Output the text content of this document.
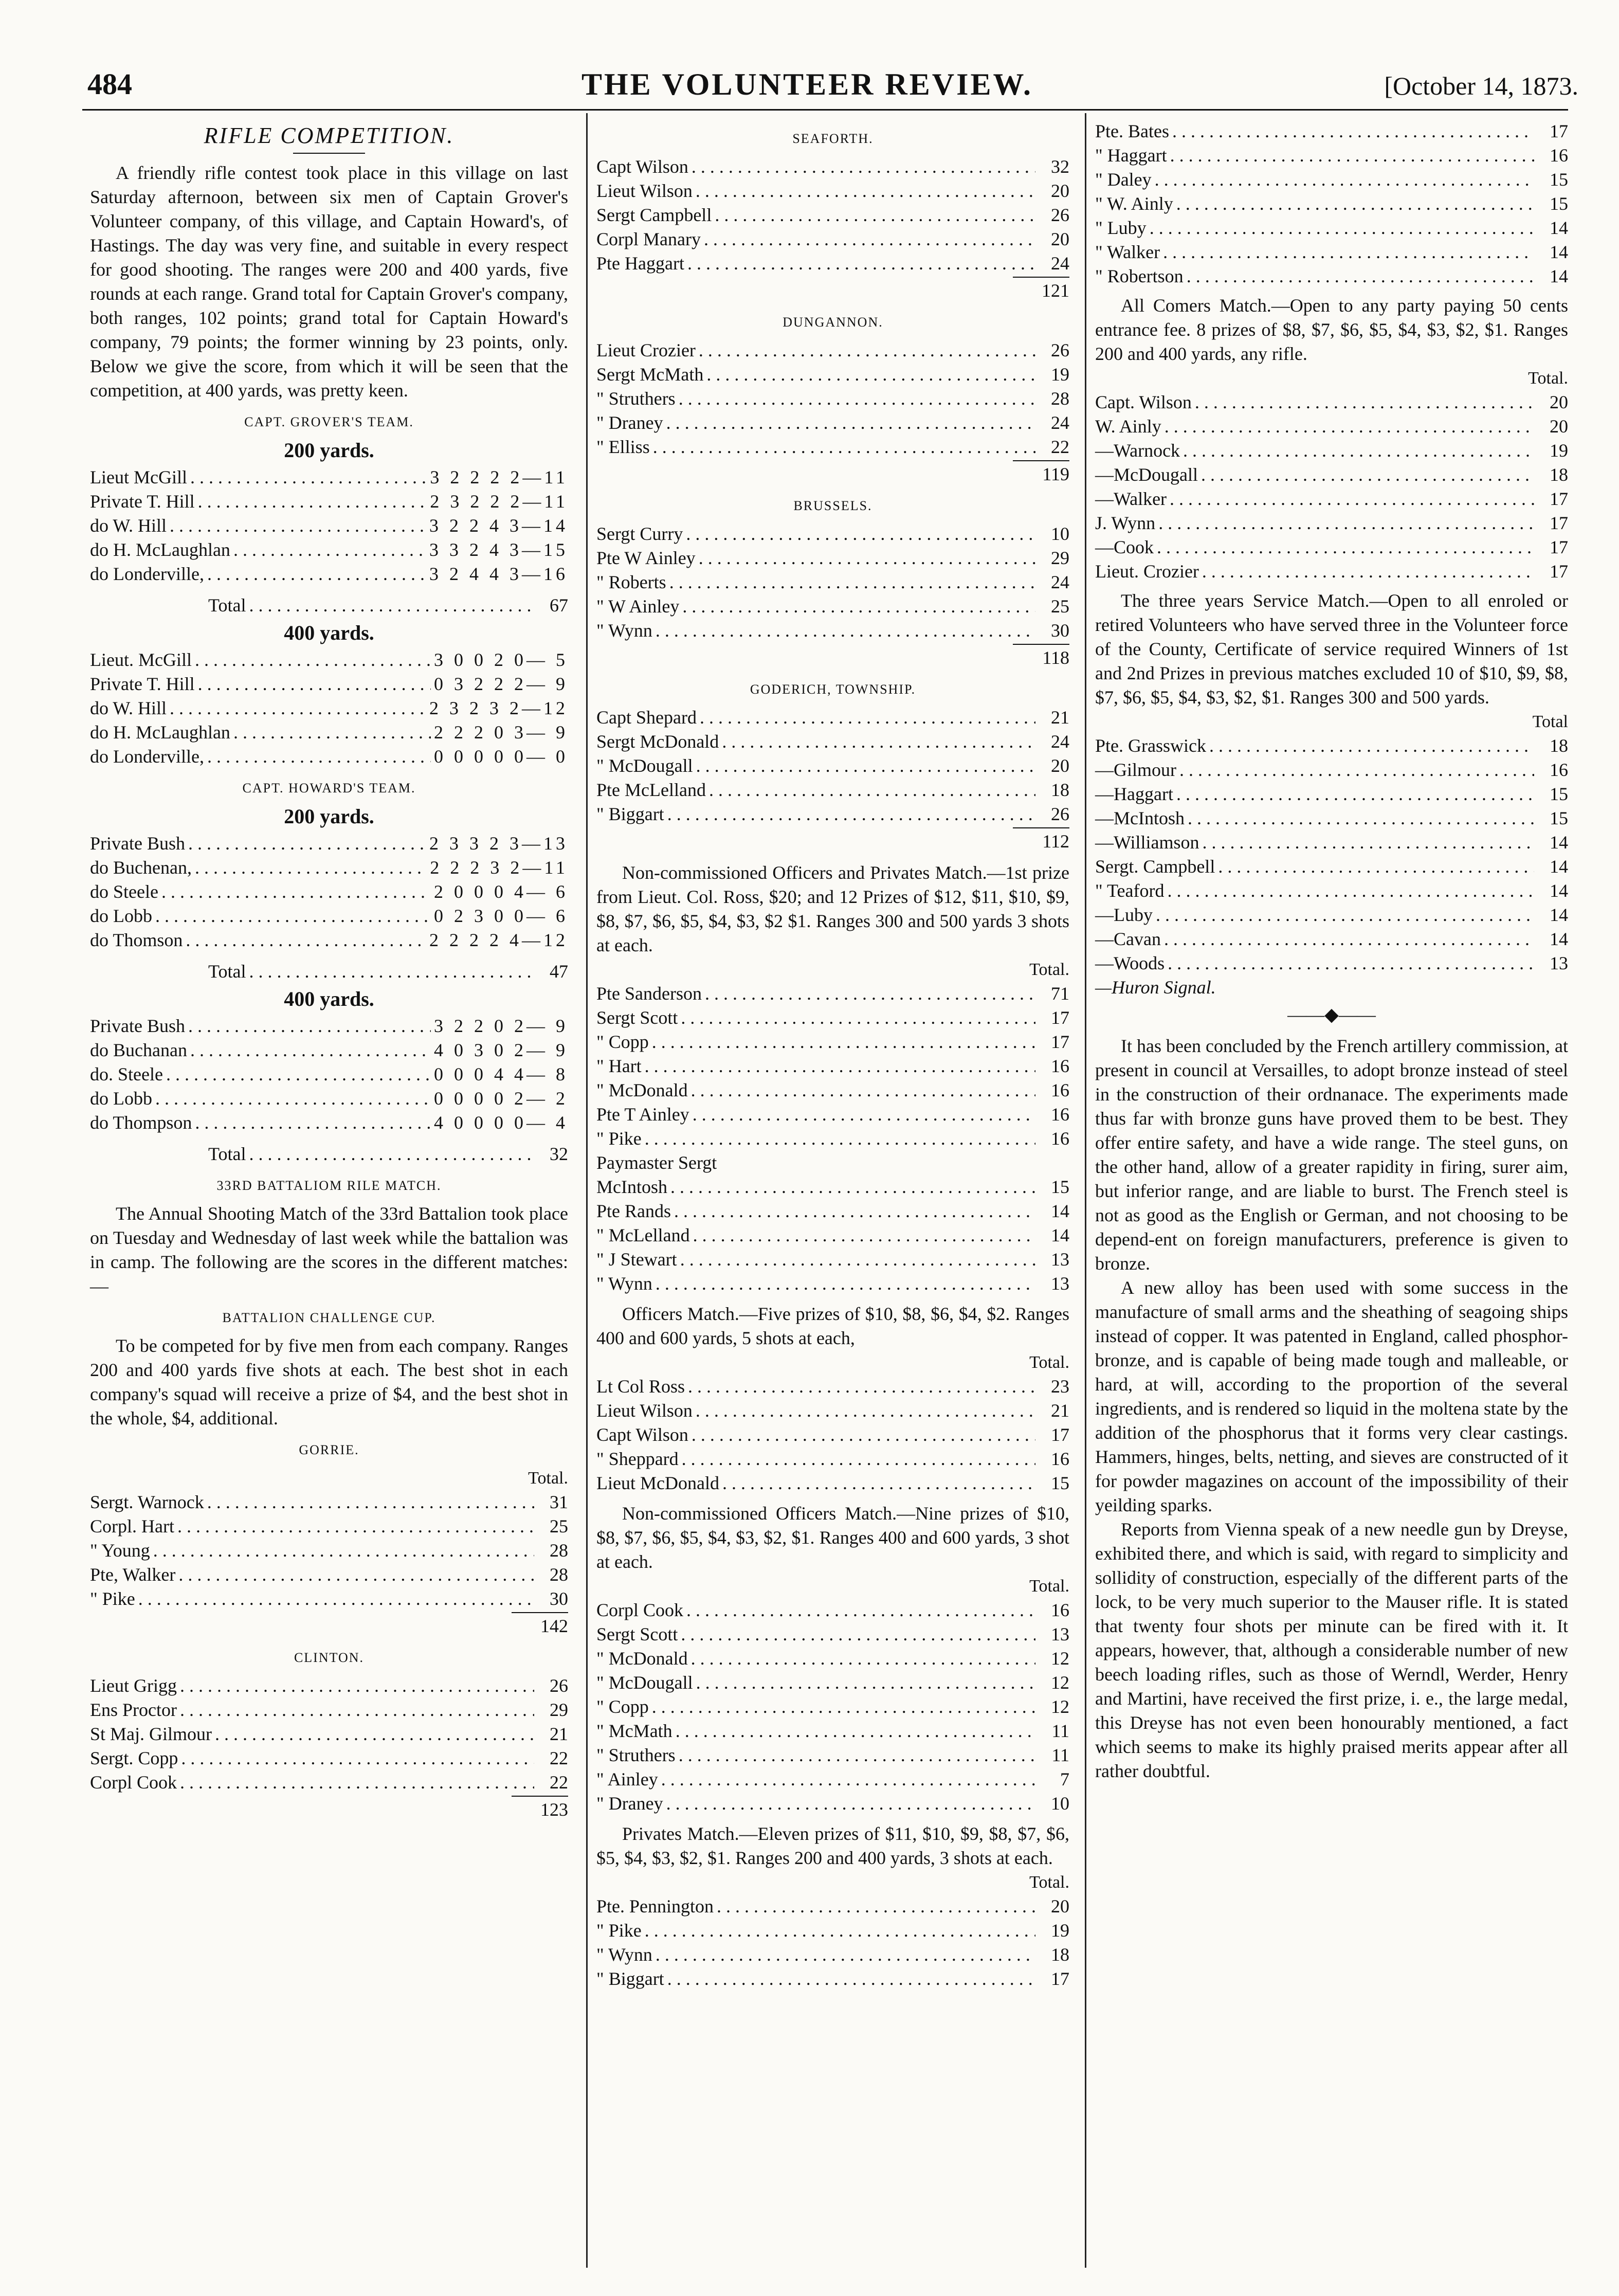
484	THE VOLUNTEER REVIEW.	[October 14, 1873.
RIFLE COMPETITION.

A friendly rifle contest took place in this village on last Saturday afternoon, between six men of Captain Grover's Volunteer company, of this village, and Captain Howard's, of Hastings. The day was very fine, and suitable in every respect for good shooting. The ranges were 200 and 400 yards, five rounds at each range. Grand total for Captain Grover's company, both ranges, 102 points; grand total for Captain Howard's company, 79 points; the former winning by 23 points, only. Below we give the score, from which it will be seen that the competition, at 400 yards, was pretty keen.

CAPT. GROVER'S TEAM.
200 yards.
Lieut McGill . . .	3 2 2 2 2—11
Private T. Hill . . .	2 3 2 2 2—11
do W. Hill . . .	3 2 2 4 3—14
do H. McLaughlan . . .	3 3 2 4 3—15
do Londerville, . . .	3 2 4 4 3—16
Total . . .	67
400 yards.
Lieut. McGill . . .	3 0 0 2 0— 5
Private T. Hill . . .	0 3 2 2 2— 9
do W. Hill . . .	2 3 2 3 2—12
do H. McLaughlan . . .	2 2 2 0 3— 9
do Londerville, . . .	0 0 0 0 0— 0
CAPT. HOWARD'S TEAM.
200 yards.
Private Bush . . .	2 3 3 2 3—13
do Buchenan, . . .	2 2 2 3 2—11
do Steele . . .	2 0 0 0 4— 6
do Lobb . . .	0 2 3 0 0— 6
do Thomson . . .	2 2 2 2 4—12
Total . . .	47
400 yards.
Private Bush . . .	3 2 2 0 2— 9
do Buchanan . . .	4 0 3 0 2— 9
do. Steele . . .	0 0 0 4 4— 8
do Lobb . . .	0 0 0 0 2— 2
do Thompson . . .	4 0 0 0 0— 4
Total . . .	32
33RD BATTALIOM RILE MATCH.

The Annual Shooting Match of the 33rd Battalion took place on Tuesday and Wednesday of last week while the battalion was in camp. The following are the scores in the different matches:—

BATTALION CHALLENGE CUP.

To be competed for by five men from each company. Ranges 200 and 400 yards five shots at each. The best shot in each company's squad will receive a prize of $4, and the best shot in the whole, $4, additional.

GORRIE.
Total.
Sergt. Warnock . . .	31
Corpl. Hart . . .	25
" Young . . .	28
Pte, Walker . . .	28
" Pike . . .	30
142
CLINTON.
Lieut Grigg . . .	26
Ens Proctor . . .	29
St Maj. Gilmour . . .	21
Sergt. Copp . . .	22
Corpl Cook . . .	22
123
SEAFORTH.
Capt Wilson . . .	32
Lieut Wilson . . .	20
Sergt Campbell . . .	26
Corpl Manary . . .	20
Pte Haggart . . .	24
121
DUNGANNON.
Lieut Crozier . . .	26
Sergt McMath . . .	19
" Struthers . . .	28
" Draney . . .	24
" Elliss . . .	22
119
BRUSSELS.
Sergt Curry . . .	10
Pte W Ainley . . .	29
" Roberts . . .	24
" W Ainley . . .	25
" Wynn . . .	30
118
GODERICH, TOWNSHIP.
Capt Shepard . . .	21
Sergt McDonald . . .	24
" McDougall . . .	20
Pte McLelland . . .	18
" Biggart . . .	26
112

Non-commissioned Officers and Privates Match.—1st prize from Lieut. Col. Ross, $20; and 12 Prizes of $12, $11, $10, $9, $8, $7, $6, $5, $4, $3, $2 $1. Ranges 300 and 500 yards 3 shots at each.

Total.
Pte Sanderson . . .	71
Sergt Scott . . .	17
" Copp . . .	17
" Hart . . .	16
" McDonald . . .	16
Pte T Ainley . . .	16
" Pike . . .	16
Paymaster Sergt
McIntosh . . .	15
Pte Rands . . .	14
" McLelland . . .	14
" J Stewart . . .	13
" Wynn . . .	13

Officers Match.—Five prizes of $10, $8, $6, $4, $2. Ranges 400 and 600 yards, 5 shots at each,

Total.
Lt Col Ross . . .	23
Lieut Wilson . . .	21
Capt Wilson . . .	17
" Sheppard . . .	16
Lieut McDonald . . .	15

Non-commissioned Officers Match.—Nine prizes of $10, $8, $7, $6, $5, $4, $3, $2, $1. Ranges 400 and 600 yards, 3 shot at each.

Total.
Corpl Cook . . .	16
Sergt Scott . . .	13
" McDonald . . .	12
" McDougall . . .	12
" Copp . . .	12
" McMath . . .	11
" Struthers . . .	11
" Ainley . . .	7
" Draney . . .	10

Privates Match.—Eleven prizes of $11, $10, $9, $8, $7, $6, $5, $4, $3, $2, $1. Ranges 200 and 400 yards, 3 shots at each.

Total.
Pte. Pennington . . .	20
" Pike . . .	19
" Wynn . . .	18
" Biggart . . .	17
Pte. Bates . . .	17
" Haggart . . .	16
" Daley . . .	15
" W. Ainly . . .	15
" Luby . . .	14
" Walker . . .	14
" Robertson . . .	14

All Comers Match.—Open to any party paying 50 cents entrance fee. 8 prizes of $8, $7, $6, $5, $4, $3, $2, $1. Ranges 200 and 400 yards, any rifle.

Total.
Capt. Wilson . . .	20
W. Ainly . . .	20
—Warnock . . .	19
—McDougall . . .	18
—Walker . . .	17
J. Wynn . . .	17
—Cook . . .	17
Lieut. Crozier . . .	17

The three years Service Match.—Open to all enroled or retired Volunteers who have served three in the Volunteer force of the County, Certificate of service required Winners of 1st and 2nd Prizes in previous matches excluded 10 of $10, $9, $8, $7, $6, $5, $4, $3, $2, $1. Ranges 300 and 500 yards.

Total
Pte. Grasswick . . .	18
—Gilmour . . .	16
—Haggart . . .	15
—McIntosh . . .	15
—Williamson . . .	14
Sergt. Campbell . . .	14
" Teaford . . .	14
—Luby . . .	14
—Cavan . . .	14
—Woods . . .	13
—Huron Signal.
——◆——

It has been concluded by the French artillery commission, at present in council at Versailles, to adopt bronze instead of steel in the construction of their ordnanace. The experiments made thus far with bronze guns have proved them to be best. They offer entire safety, and have a wide range. The steel guns, on the other hand, allow of a greater rapidity in firing, surer aim, but inferior range, and are liable to burst. The French steel is not as good as the English or German, and not choosing to be depend-ent on foreign manufacturers, preference is given to bronze.

A new alloy has been used with some success in the manufacture of small arms and the sheathing of seagoing ships instead of copper. It was patented in England, called phosphor-bronze, and is capable of being made tough and malleable, or hard, at will, according to the proportion of the several ingredients, and is rendered so liquid in the moltena state by the addition of the phosphorus that it forms very clear castings. Hammers, hinges, belts, netting, and sieves are constructed of it for powder magazines on account of the impossibility of their yeilding sparks.

Reports from Vienna speak of a new needle gun by Dreyse, exhibited there, and which is said, with regard to simplicity and sollidity of construction, especially of the different parts of the lock, to be very much superior to the Mauser rifle. It is stated that twenty four shots per minute can be fired with it. It appears, however, that, although a considerable number of new beech loading rifles, such as those of Werndl, Werder, Henry and Martini, have received the first prize, i. e., the large medal, this Dreyse has not even been honourably mentioned, a fact which seems to make its highly praised merits appear after all rather doubtful.
